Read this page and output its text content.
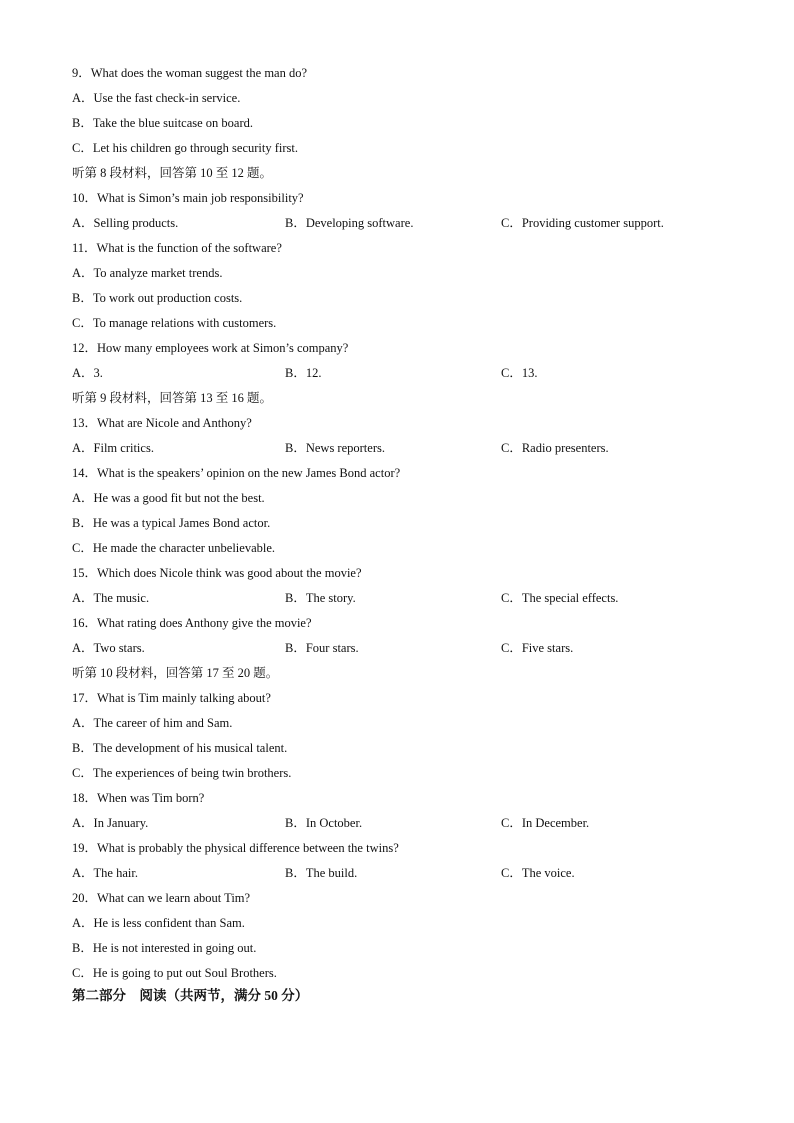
9．What does the woman suggest the man do?
A．Use the fast check-in service.
B．Take the blue suitcase on board.
C．Let his children go through security first.
听第 8 段材料，回答第 10 至 12 题。
10．What is Simon’s main job responsibility?
A．Selling products.	B．Developing software.	C．Providing customer support.
11．What is the function of the software?
A．To analyze market trends.
B．To work out production costs.
C．To manage relations with customers.
12．How many employees work at Simon’s company?
A．3.	B．12.	C．13.
听第 9 段材料，回答第 13 至 16 题。
13．What are Nicole and Anthony?
A．Film critics.	B．News reporters.	C．Radio presenters.
14．What is the speakers’ opinion on the new James Bond actor?
A．He was a good fit but not the best.
B．He was a typical James Bond actor.
C．He made the character unbelievable.
15．Which does Nicole think was good about the movie?
A．The music.	B．The story.	C．The special effects.
16．What rating does Anthony give the movie?
A．Two stars.	B．Four stars.	C．Five stars.
听第 10 段材料，回答第 17 至 20 题。
17．What is Tim mainly talking about?
A．The career of him and Sam.
B．The development of his musical talent.
C．The experiences of being twin brothers.
18．When was Tim born?
A．In January.	B．In October.	C．In December.
19．What is probably the physical difference between the twins?
A．The hair.	B．The build.	C．The voice.
20．What can we learn about Tim?
A．He is less confident than Sam.
B．He is not interested in going out.
C．He is going to put out Soul Brothers.
第二部分　阅读（共两节，满分 50 分）
